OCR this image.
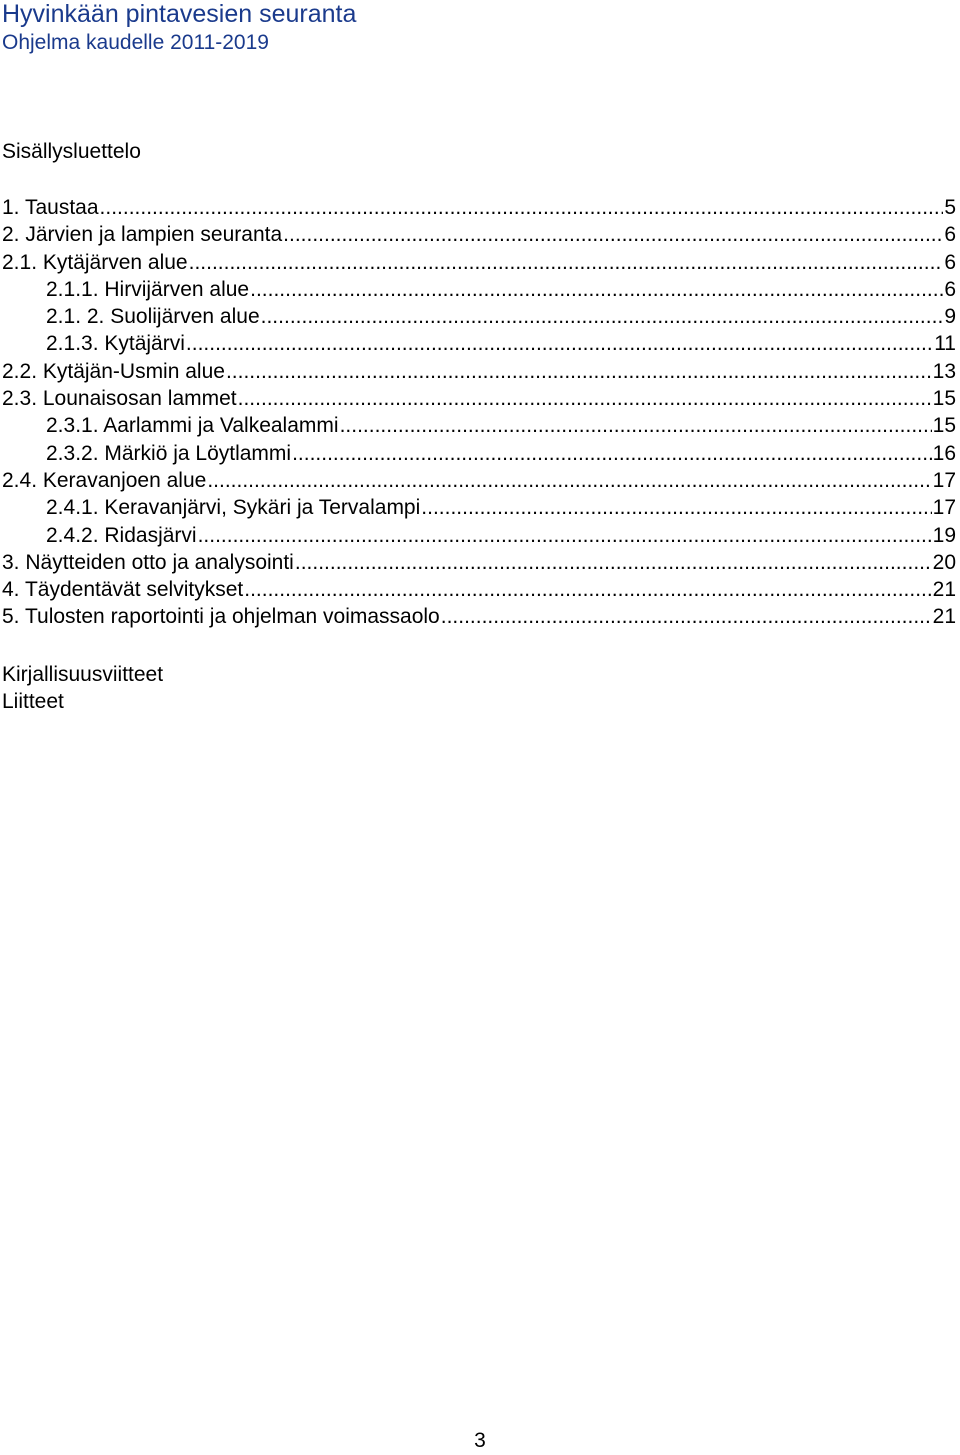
Hyvinkään pintavesien seuranta
Ohjelma kaudelle 2011-2019
Sisällysluettelo
1. Taustaa .....	5
2. Järvien ja lampien seuranta .....	6
2.1. Kytäjärven alue .....	6
2.1.1. Hirvijärven alue .....	6
2.1. 2. Suolijärven alue .....	9
2.1.3. Kytäjärvi .....	11
2.2. Kytäjän-Usmin alue .....	13
2.3. Lounaisosan lammet .....	15
2.3.1. Aarlammi ja Valkealammi .....	15
2.3.2. Märkiö ja Löytlammi .....	16
2.4. Keravanjoen alue .....	17
2.4.1. Keravanjärvi, Sykäri ja Tervalampi .....	17
2.4.2. Ridasjärvi .....	19
3. Näytteiden otto ja analysointi .....	20
4. Täydentävät selvitykset .....	21
5. Tulosten raportointi ja ohjelman voimassaolo .....	21
Kirjallisuusviitteet
Liitteet
3
